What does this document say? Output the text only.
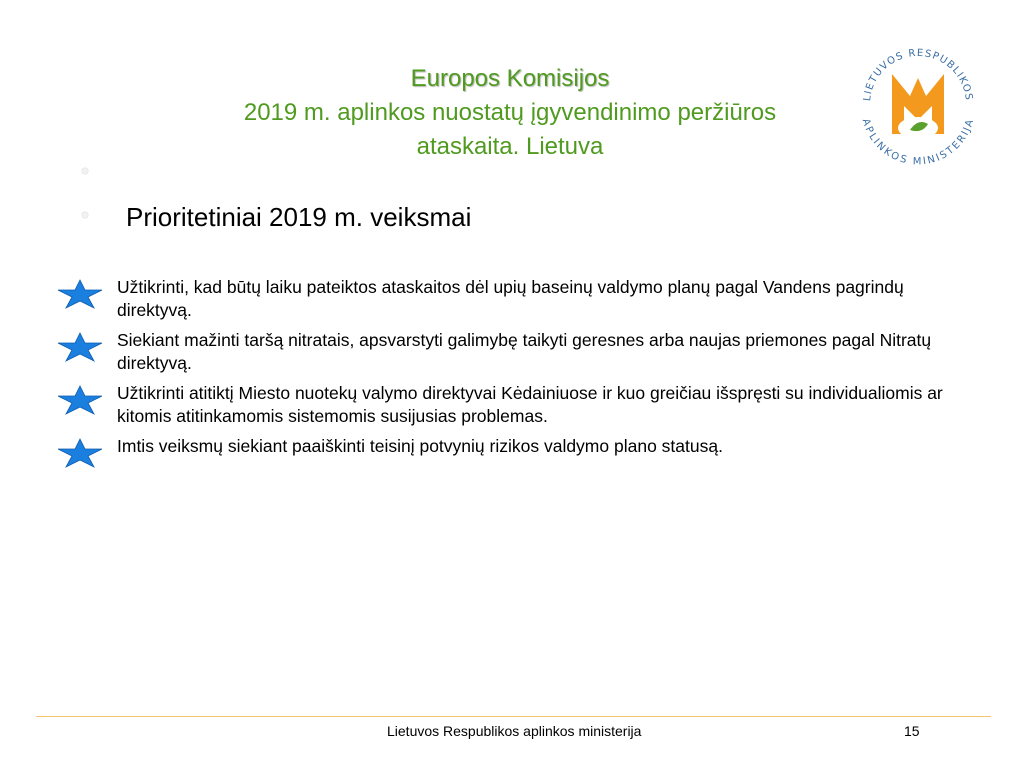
Europos Komisijos
2019 m. aplinkos nuostatų įgyvendinimo peržiūros
ataskaita. Lietuva
LIETUVOS RESPUBLIKOS
APLINKOS MINISTERIJA
Prioritetiniai 2019 m. veiksmai
Užtikrinti, kad būtų laiku pateiktos ataskaitos dėl upių baseinų valdymo planų pagal Vandens pagrindų direktyvą.
Siekiant mažinti taršą nitratais, apsvarstyti galimybę taikyti geresnes arba naujas priemones pagal Nitratų direktyvą.
Užtikrinti atitiktį Miesto nuotekų valymo direktyvai Kėdainiuose ir kuo greičiau išspręsti su individualiomis ar kitomis atitinkamomis sistemomis susijusias problemas.
Imtis veiksmų siekiant paaiškinti teisinį potvynių rizikos valdymo plano statusą.
Lietuvos Respublikos aplinkos ministerija	15
